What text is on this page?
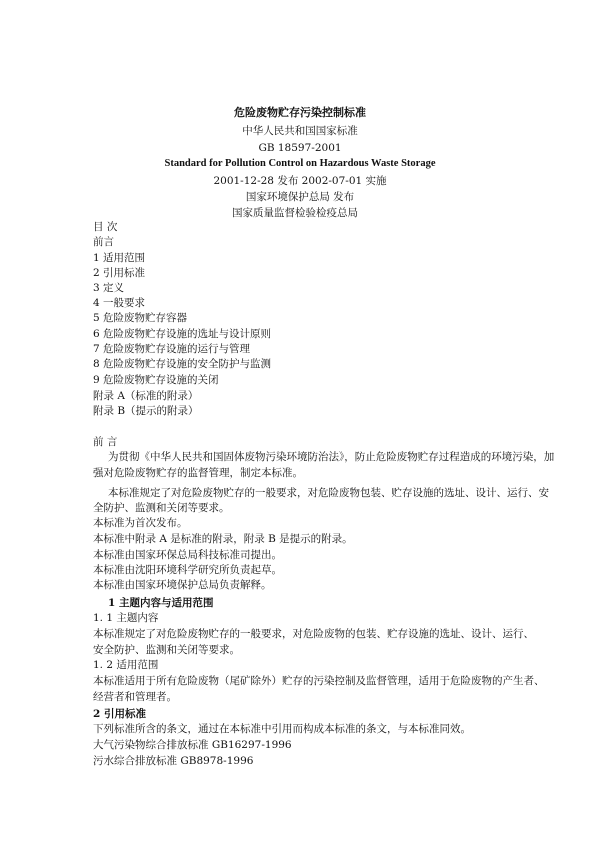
危险废物贮存污染控制标准
中华人民共和国国家标准
GB 18597-2001
Standard for Pollution Control on Hazardous Waste Storage
2001-12-28 发布 2002-07-01 实施
国家环境保护总局 发布
国家质量监督检验检疫总局
目 次
前言
1 适用范围
2 引用标准
3 定义
4 一般要求
5 危险废物贮存容器
6 危险废物贮存设施的选址与设计原则
7 危险废物贮存设施的运行与管理
8 危险废物贮存设施的安全防护与监测
9 危险废物贮存设施的关闭
附录 A（标准的附录）
附录 B（提示的附录）
前 言
为贯彻《中华人民共和国固体废物污染环境防治法》，防止危险废物贮存过程造成的环境污染，加
强对危险废物贮存的监督管理，制定本标准。
本标准规定了对危险废物贮存的一般要求，对危险废物包装、贮存设施的选址、设计、运行、安
全防护、监测和关闭等要求。
本标准为首次发布。
本标准中附录 A 是标准的附录，附录 B 是提示的附录。
本标准由国家环保总局科技标准司提出。
本标准由沈阳环境科学研究所负责起草。
本标准由国家环境保护总局负责解释。
1 主题内容与适用范围
1. 1 主题内容
本标准规定了对危险废物贮存的一般要求，对危险废物的包装、贮存设施的选址、设计、运行、
安全防护、监测和关闭等要求。
1. 2 适用范围
本标准适用于所有危险废物（尾矿除外）贮存的污染控制及监督管理，适用于危险废物的产生者、
经营者和管理者。
2 引用标准
下列标准所含的条文，通过在本标准中引用而构成本标准的条文，与本标准同效。
大气污染物综合排放标准 GB16297-1996
污水综合排放标准 GB8978-1996
